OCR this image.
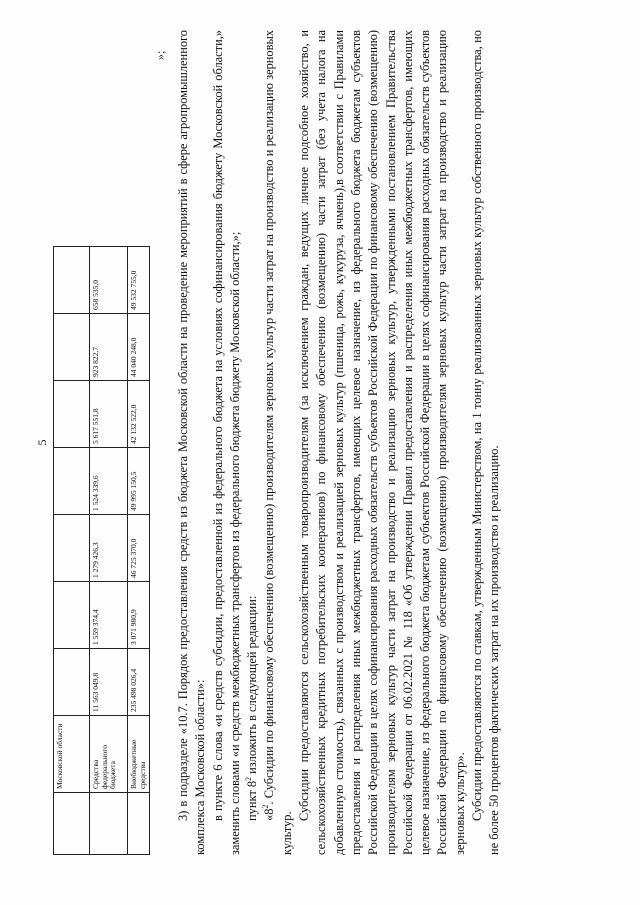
5
	Московской области							
	Средства федерального бюджета	11 563 049,8	1 559 374,4	1 279 426,3	1 524 339,6	5 617 551,8	923 822,7	658 535,0
	Внебюджетные средства	235 498 026,4	3 071 980,9	46 725 370,0	49 995 150,5	42 132 522,0	44 040 248,0	49 532 755,0
»; 3) в подразделе «10.7. Порядок предоставления средств из бюджета Московской области на проведение мероприятий в сфере агропромышленного комплекса Московской области»: в пункте 6 слова «и средств субсидии, предоставленной из федерального бюджета на условиях софинансирования бюджету Московской области,» заменить словами «и средств межбюджетных трансфертов из федерального бюджета бюджету Московской области,»; пункт $8^2$ изложить в следующей редакции:

«$8^2$. Субсидии по финансовому обеспечению (возмещению) производителям зерновых культур части затрат на производство и реализацию зерновых культур.

Субсидии предоставляются сельскохозяйственным товаропроизводителям (за исключением граждан, ведущих личное подсобное хозяйство, и сельскохозяйственных кредитных потребительских кооперативов) по финансовому обеспечению (возмещению) части затрат (без учета налога на добавленную стоимость), связанных с производством и реализацией зерновых культур (пшеница, рожь, кукуруза, ячмень),в соответствии с Правилами предоставления и распределения иных межбюджетных трансфертов, имеющих целевое назначение, из федерального бюджета бюджетам субъектов Российской Федерации в целях софинансирования расходных обязательств субъектов Российской Федерации по финансовому обеспечению (возмещению) производителям зерновых культур части затрат на производство и реализацию зерновых культур, утвержденными постановлением Правительства Российской Федерации от 06.02.2021 № 118 «Об утверждении Правил предоставления и распределения иных межбюджетных трансфертов, имеющих целевое назначение, из федерального бюджета бюджетам субъектов Российской Федерации в целях софинансирования расходных обязательств субъектов Российской Федерации по финансовому обеспечению (возмещению) производителям зерновых культур части затрат на производство и реализацию зерновых культур». Субсидии предоставляются по ставкам, утвержденным Министерством, на 1 тонну реализованных зерновых культур собственного производства, но не более 50 процентов фактических затрат на их производство и реализацию.
